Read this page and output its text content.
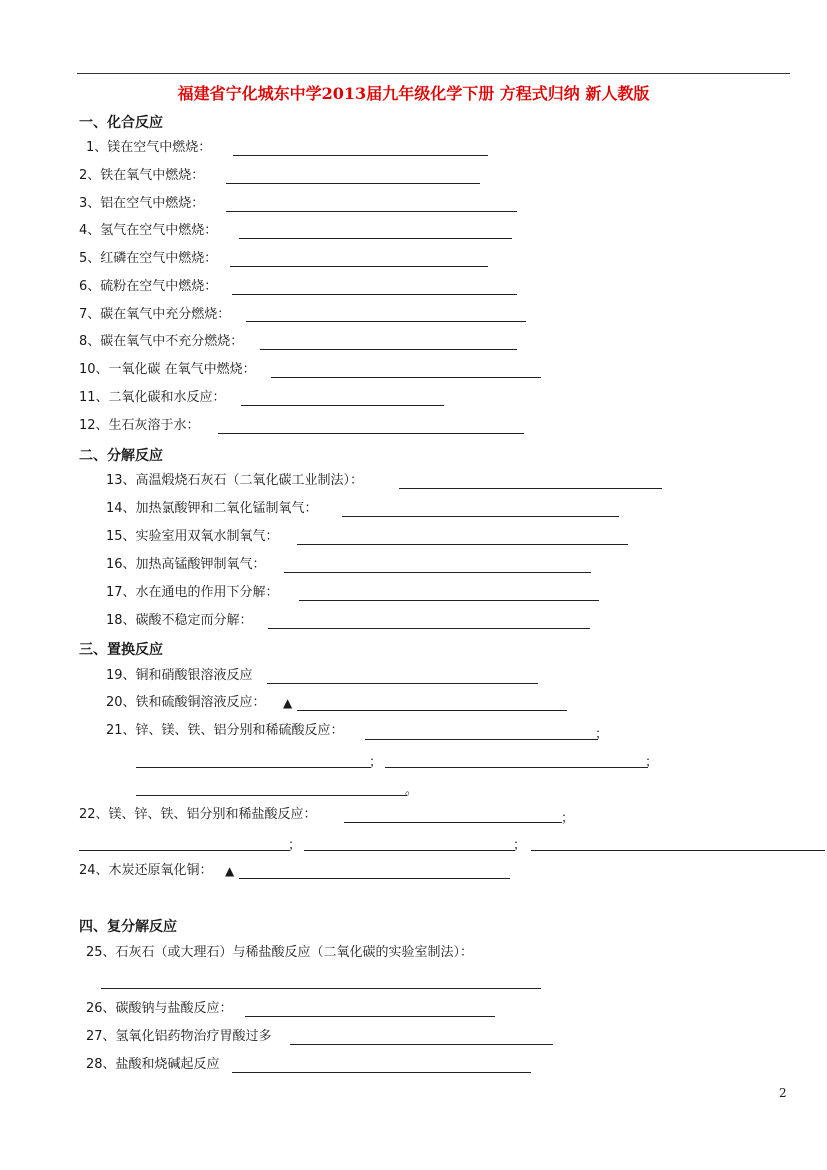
福建省宁化城东中学2013届九年级化学下册 方程式归纳 新人教版
一、化合反应
1、镁在空气中燃烧：
2、铁在氧气中燃烧：
3、铝在空气中燃烧：
4、氢气在空气中燃烧：
5、红磷在空气中燃烧：
6、硫粉在空气中燃烧：
7、碳在氧气中充分燃烧：
8、碳在氧气中不充分燃烧：
10、一氧化碳 在氧气中燃烧：
11、二氧化碳和水反应：
12、生石灰溶于水：
二、分解反应
13、高温煅烧石灰石（二氧化碳工业制法）：
14、加热氯酸钾和二氧化锰制氧气：
15、实验室用双氧水制氧气：
16、加热高锰酸钾制氧气：
17、水在通电的作用下分解：
18、碳酸不稳定而分解：
三、置换反应
19、铜和硝酸银溶液反应
20、铁和硫酸铜溶液反应： ▲
21、锌、镁、铁、铝分别和稀硫酸反应：	；
；	；
。
22、镁、锌、铁、铝分别和稀盐酸反应：	；
；	；
24、木炭还原氧化铜： ▲
四、复分解反应
25、石灰石（或大理石）与稀盐酸反应（二氧化碳的实验室制法）：
26、碳酸钠与盐酸反应：
27、氢氧化铝药物治疗胃酸过多
28、盐酸和烧碱起反应
2
